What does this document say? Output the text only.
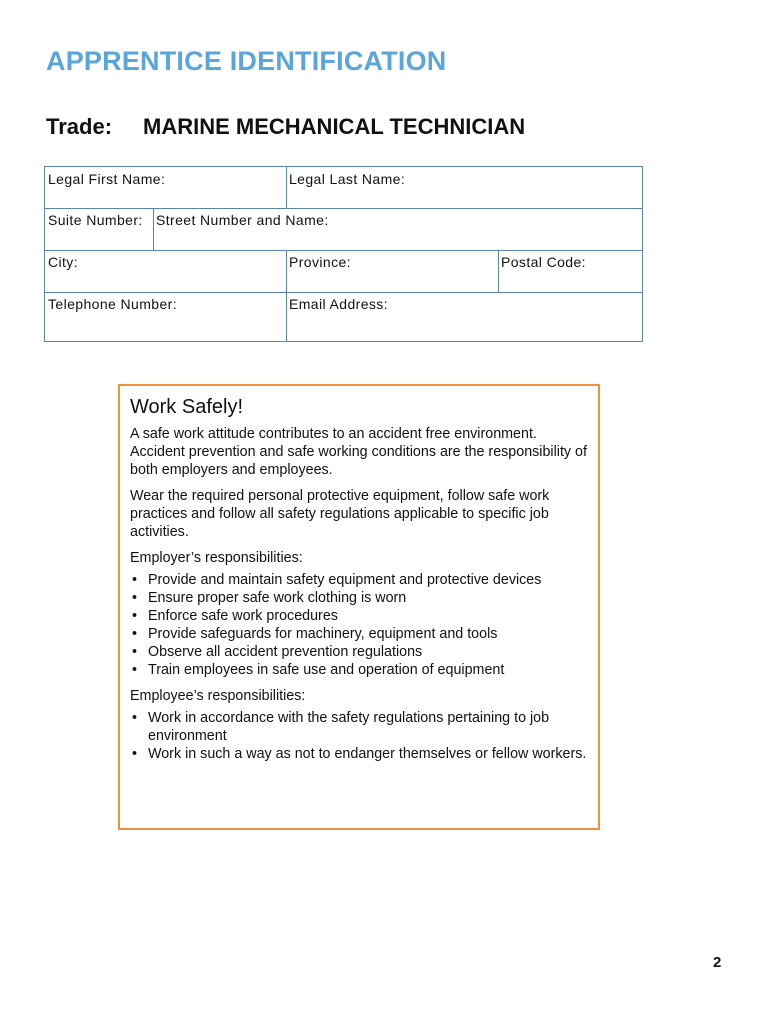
APPRENTICE IDENTIFICATION
Trade: MARINE MECHANICAL TECHNICIAN
Legal First Name:	Legal Last Name:
Suite Number: Street Number and Name:
City:	Province:	Postal Code:
Telephone Number:	Email Address:
Work Safely!

A safe work attitude contributes to an accident free environment. Accident prevention and safe working conditions are the responsibility of both employers and employees.

Wear the required personal protective equipment, follow safe work practices and follow all safety regulations applicable to specific job activities.

Employer’s responsibilities:

• Provide and maintain safety equipment and protective devices
• Ensure proper safe work clothing is worn
• Enforce safe work procedures
• Provide safeguards for machinery, equipment and tools
• Observe all accident prevention regulations
• Train employees in safe use and operation of equipment

Employee’s responsibilities:

• Work in accordance with the safety regulations pertaining to job environment
• Work in such a way as not to endanger themselves or fellow workers.
2
